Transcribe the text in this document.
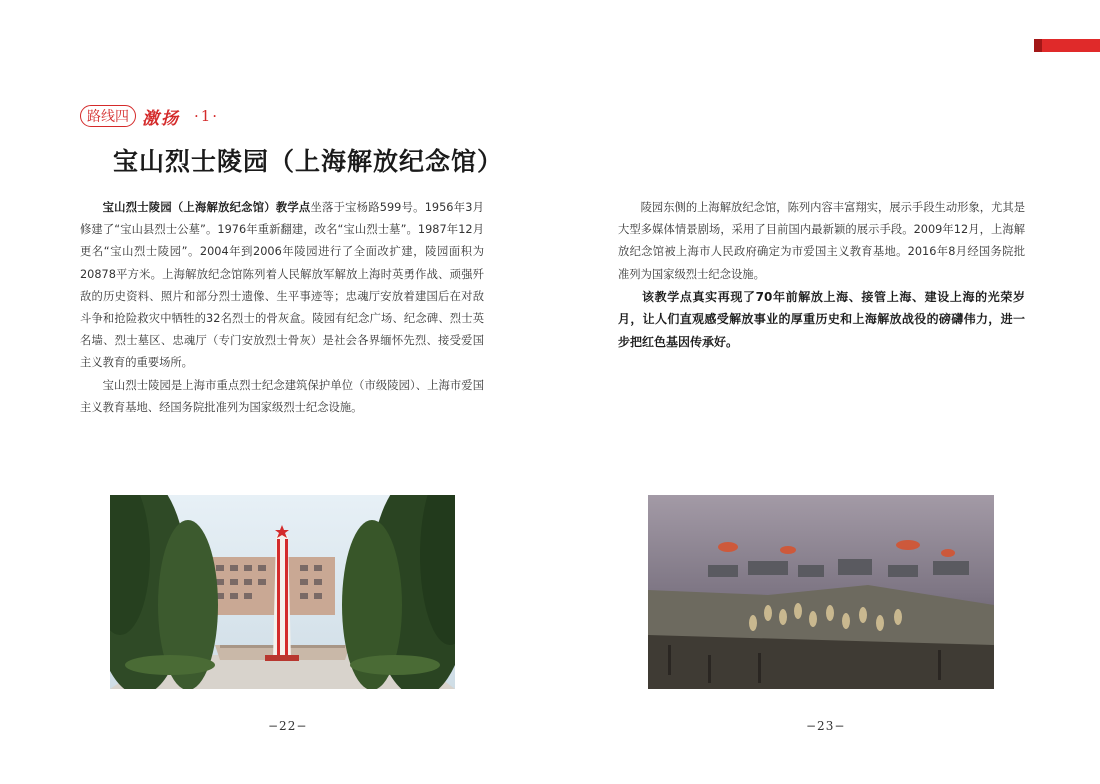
路线四 激扬 ·1·
宝山烈士陵园（上海解放纪念馆）

宝山烈士陵园（上海解放纪念馆）教学点坐落于宝杨路599号。1956年3月修建了“宝山县烈士公墓”。1976年重新翻建，改名“宝山烈士墓”。1987年12月更名“宝山烈士陵园”。2004年到2006年陵园进行了全面改扩建，陵园面积为20878平方米。上海解放纪念馆陈列着人民解放军解放上海时英勇作战、顽强歼敌的历史资料、照片和部分烈士遗像、生平事迹等；忠魂厅安放着建国后在对敌斗争和抢险救灾中牺牲的32名烈士的骨灰盒。陵园有纪念广场、纪念碑、烈士英名墙、烈士墓区、忠魂厅（专门安放烈士骨灰）是社会各界缅怀先烈、接受爱国主义教育的重要场所。

宝山烈士陵园是上海市重点烈士纪念建筑保护单位（市级陵园）、上海市爱国主义教育基地、经国务院批准列为国家级烈士纪念设施。

陵园东侧的上海解放纪念馆，陈列内容丰富翔实，展示手段生动形象，尤其是大型多媒体情景剧场，采用了目前国内最新颖的展示手段。2009年12月，上海解放纪念馆被上海市人民政府确定为市爱国主义教育基地。2016年8月经国务院批准列为国家级烈士纪念设施。

该教学点真实再现了70年前解放上海、接管上海、建设上海的光荣岁月，让人们直观感受解放事业的厚重历史和上海解放战役的磅礴伟力，进一步把红色基因传承好。

−22−	−23−
